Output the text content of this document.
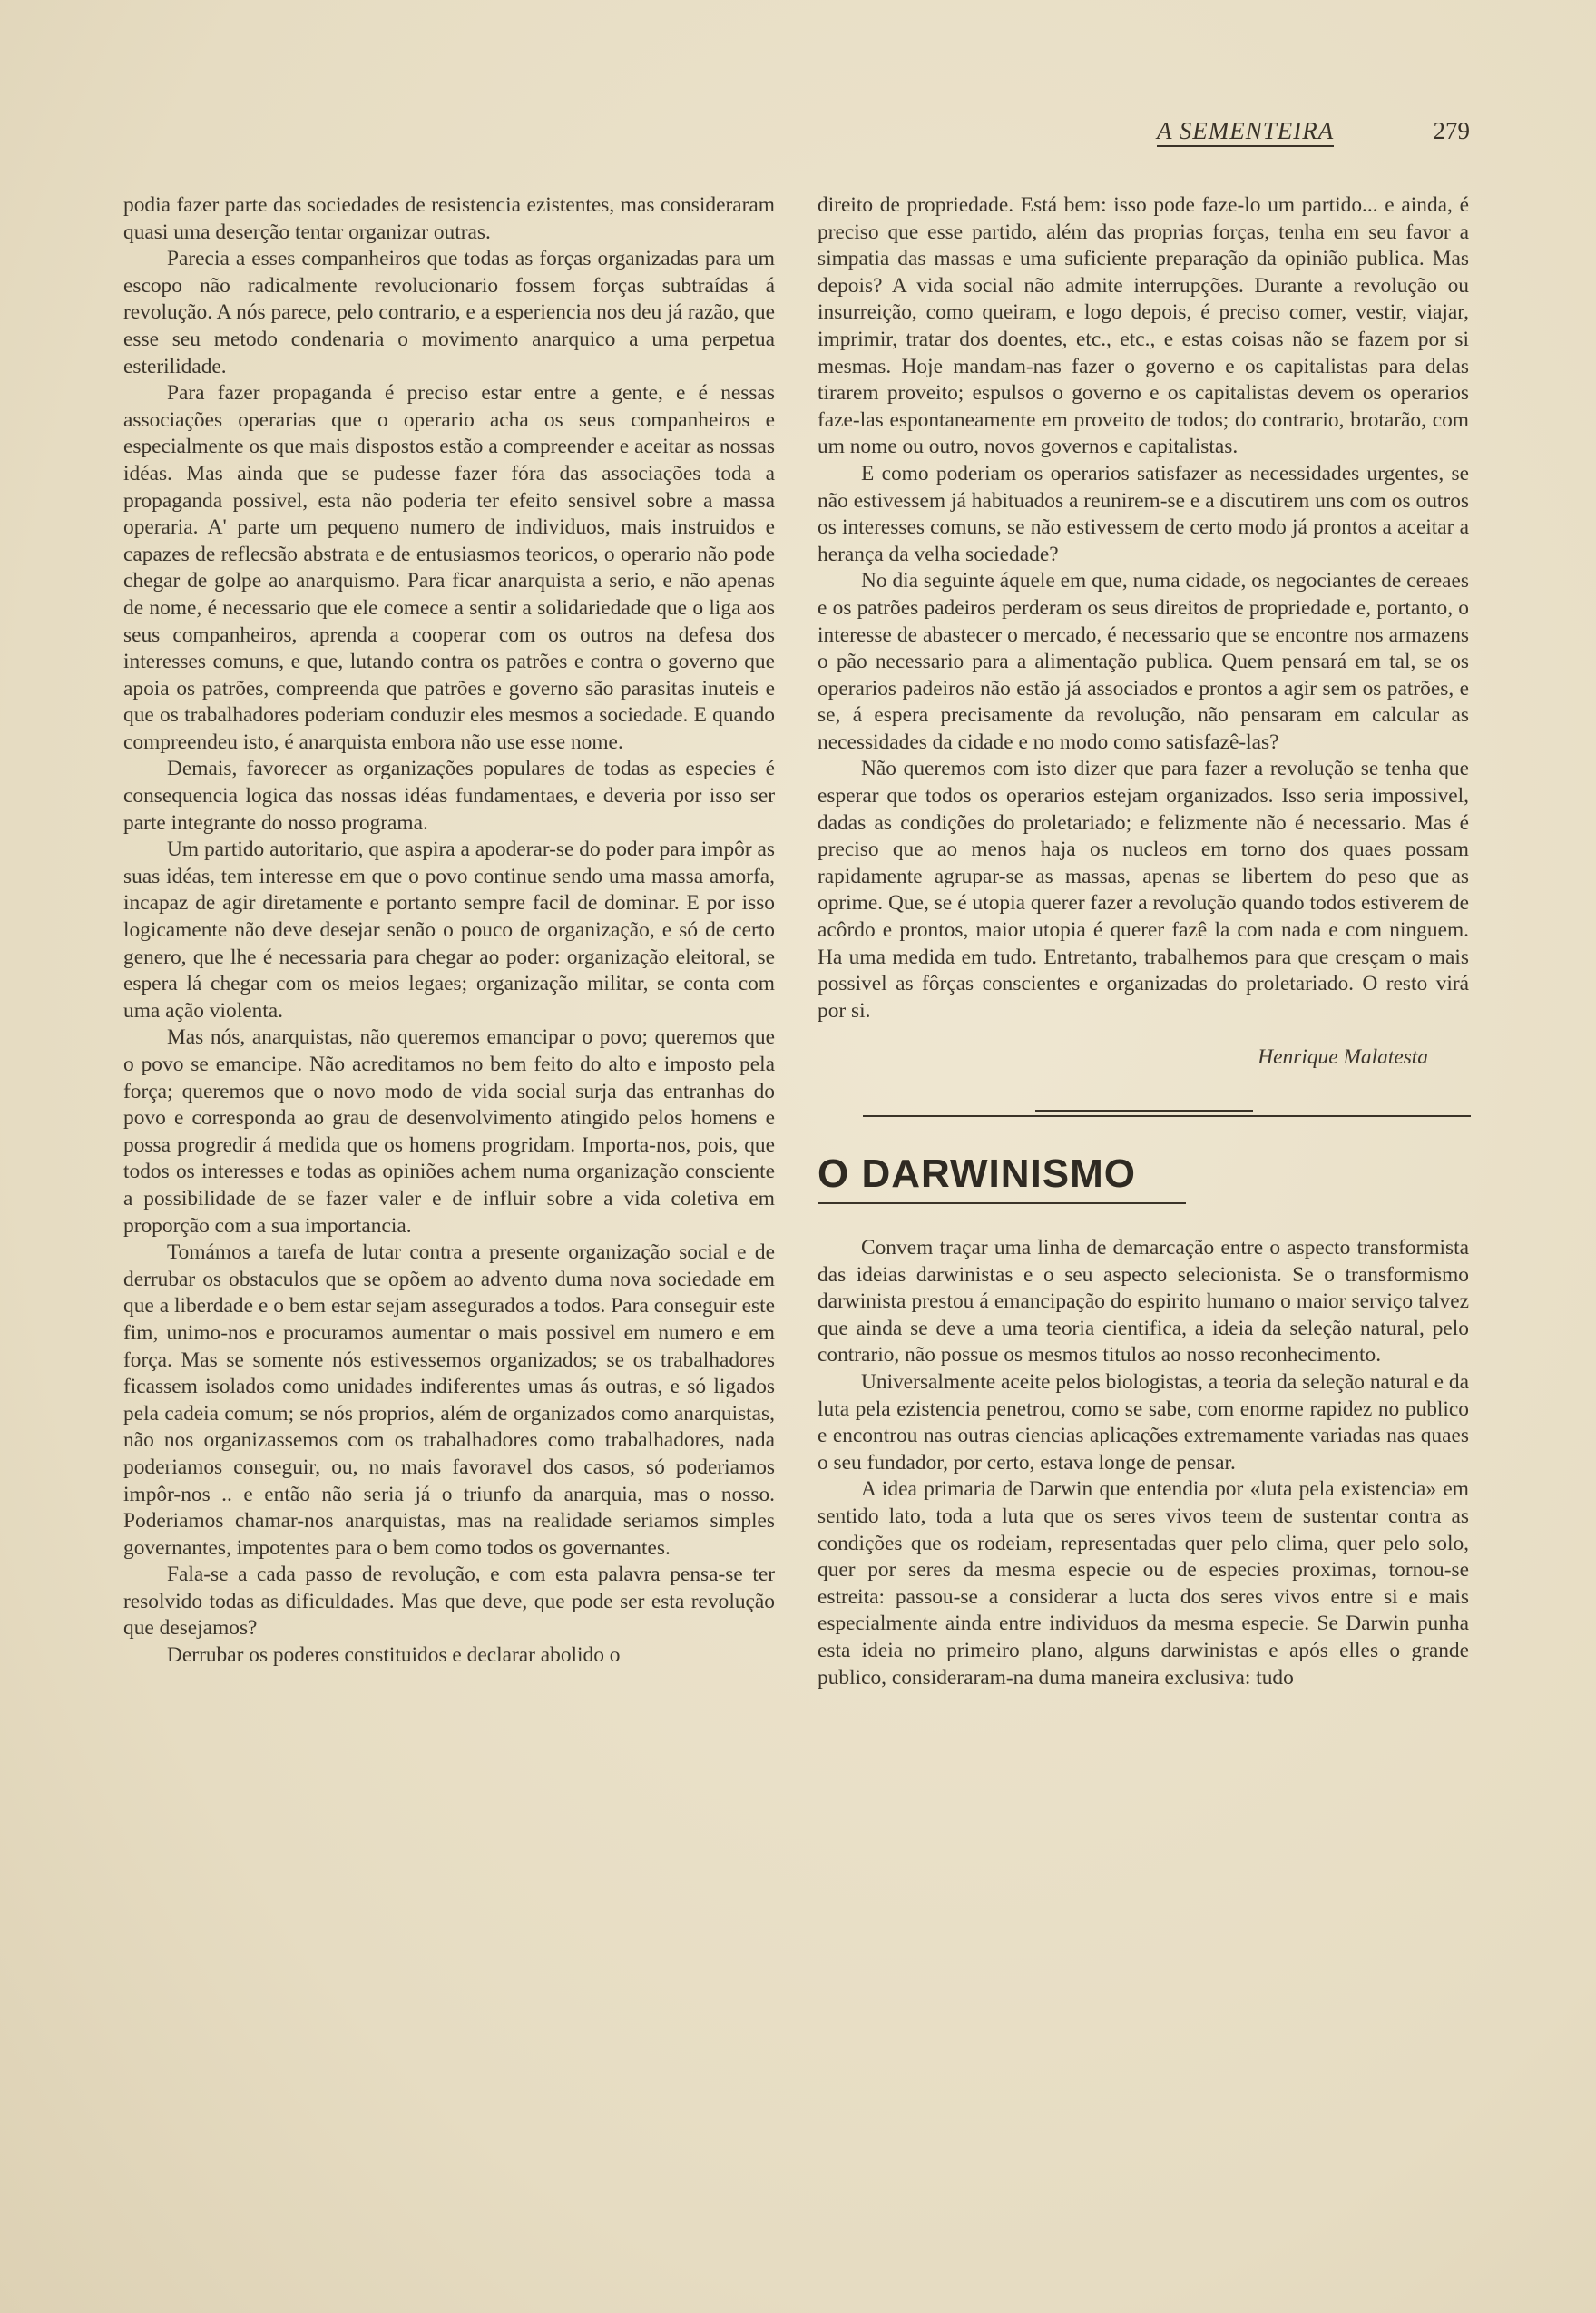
A SEMENTEIRA	279

podia fazer parte das sociedades de resistencia ezistentes, mas consideraram quasi uma deserção tentar organizar outras.

Parecia a esses companheiros que todas as forças organizadas para um escopo não radicalmente revolucionario fossem forças subtraídas á revolução. A nós parece, pelo contrario, e a esperiencia nos deu já razão, que esse seu metodo condenaria o movimento anarquico a uma perpetua esterilidade.

Para fazer propaganda é preciso estar entre a gente, e é nessas associações operarias que o operario acha os seus companheiros e especialmente os que mais dispostos estão a compreender e aceitar as nossas idéas. Mas ainda que se pudesse fazer fóra das associações toda a propaganda possivel, esta não poderia ter efeito sensivel sobre a massa operaria. A' parte um pequeno numero de individuos, mais instruidos e capazes de reflecsão abstrata e de entusiasmos teoricos, o operario não pode chegar de golpe ao anarquismo. Para ficar anarquista a serio, e não apenas de nome, é necessario que ele comece a sentir a solidariedade que o liga aos seus companheiros, aprenda a cooperar com os outros na defesa dos interesses comuns, e que, lutando contra os patrões e contra o governo que apoia os patrões, compreenda que patrões e governo são parasitas inuteis e que os trabalhadores poderiam conduzir eles mesmos a sociedade. E quando compreendeu isto, é anarquista embora não use esse nome.

Demais, favorecer as organizações populares de todas as especies é consequencia logica das nossas idéas fundamentaes, e deveria por isso ser parte integrante do nosso programa.

Um partido autoritario, que aspira a apoderar-se do poder para impôr as suas idéas, tem interesse em que o povo continue sendo uma massa amorfa, incapaz de agir diretamente e portanto sempre facil de dominar. E por isso logicamente não deve desejar senão o pouco de organização, e só de certo genero, que lhe é necessaria para chegar ao poder: organização eleitoral, se espera lá chegar com os meios legaes; organização militar, se conta com uma ação violenta.

Mas nós, anarquistas, não queremos emancipar o povo; queremos que o povo se emancipe. Não acreditamos no bem feito do alto e imposto pela força; queremos que o novo modo de vida social surja das entranhas do povo e corresponda ao grau de desenvolvimento atingido pelos homens e possa progredir á medida que os homens progridam. Importa-nos, pois, que todos os interesses e todas as opiniões achem numa organização consciente a possibilidade de se fazer valer e de influir sobre a vida coletiva em proporção com a sua importancia.

Tomámos a tarefa de lutar contra a presente organização social e de derrubar os obstaculos que se opõem ao advento duma nova sociedade em que a liberdade e o bem estar sejam assegurados a todos. Para conseguir este fim, unimo-nos e procuramos aumentar o mais possivel em numero e em força. Mas se somente nós estivessemos organizados; se os trabalhadores ficassem isolados como unidades indiferentes umas ás outras, e só ligados pela cadeia comum; se nós proprios, além de organizados como anarquistas, não nos organizassemos com os trabalhadores como trabalhadores, nada poderiamos conseguir, ou, no mais favoravel dos casos, só poderiamos impôr-nos .. e então não seria já o triunfo da anarquia, mas o nosso. Poderiamos chamar-nos anarquistas, mas na realidade seriamos simples governantes, impotentes para o bem como todos os governantes.

Fala-se a cada passo de revolução, e com esta palavra pensa-se ter resolvido todas as dificuldades. Mas que deve, que pode ser esta revolução que desejamos?

Derrubar os poderes constituidos e declarar abolido o

direito de propriedade. Está bem: isso pode faze-lo um partido... e ainda, é preciso que esse partido, além das proprias forças, tenha em seu favor a simpatia das massas e uma suficiente preparação da opinião publica. Mas depois? A vida social não admite interrupções. Durante a revolução ou insurreição, como queiram, e logo depois, é preciso comer, vestir, viajar, imprimir, tratar dos doentes, etc., etc., e estas coisas não se fazem por si mesmas. Hoje mandam-nas fazer o governo e os capitalistas para delas tirarem proveito; espulsos o governo e os capitalistas devem os operarios faze-las espontaneamente em proveito de todos; do contrario, brotarão, com um nome ou outro, novos governos e capitalistas.

E como poderiam os operarios satisfazer as necessidades urgentes, se não estivessem já habituados a reunirem-se e a discutirem uns com os outros os interesses comuns, se não estivessem de certo modo já prontos a aceitar a herança da velha sociedade?

No dia seguinte áquele em que, numa cidade, os negociantes de cereaes e os patrões padeiros perderam os seus direitos de propriedade e, portanto, o interesse de abastecer o mercado, é necessario que se encontre nos armazens o pão necessario para a alimentação publica. Quem pensará em tal, se os operarios padeiros não estão já associados e prontos a agir sem os patrões, e se, á espera precisamente da revolução, não pensaram em calcular as necessidades da cidade e no modo como satisfazê-las?

Não queremos com isto dizer que para fazer a revolução se tenha que esperar que todos os operarios estejam organizados. Isso seria impossivel, dadas as condições do proletariado; e felizmente não é necessario. Mas é preciso que ao menos haja os nucleos em torno dos quaes possam rapidamente agrupar-se as massas, apenas se libertem do peso que as oprime. Que, se é utopia querer fazer a revolução quando todos estiverem de acôrdo e prontos, maior utopia é querer fazê la com nada e com ninguem. Ha uma medida em tudo. Entretanto, trabalhemos para que cresçam o mais possivel as fôrças conscientes e organizadas do proletariado. O resto virá por si.

Henrique Malatesta

O DARWINISMO

Convem traçar uma linha de demarcação entre o aspecto transformista das ideias darwinistas e o seu aspecto selecionista. Se o transformismo darwinista prestou á emancipação do espirito humano o maior serviço talvez que ainda se deve a uma teoria cientifica, a ideia da seleção natural, pelo contrario, não possue os mesmos titulos ao nosso reconhecimento.

Universalmente aceite pelos biologistas, a teoria da seleção natural e da luta pela ezistencia penetrou, como se sabe, com enorme rapidez no publico e encontrou nas outras ciencias aplicações extremamente variadas nas quaes o seu fundador, por certo, estava longe de pensar.

A idea primaria de Darwin que entendia por «luta pela existencia» em sentido lato, toda a luta que os seres vivos teem de sustentar contra as condições que os rodeiam, representadas quer pelo clima, quer pelo solo, quer por seres da mesma especie ou de especies proximas, tornou-se estreita: passou-se a considerar a lucta dos seres vivos entre si e mais especialmente ainda entre individuos da mesma especie. Se Darwin punha esta ideia no primeiro plano, alguns darwinistas e após elles o grande publico, consideraram-na duma maneira exclusiva: tudo
